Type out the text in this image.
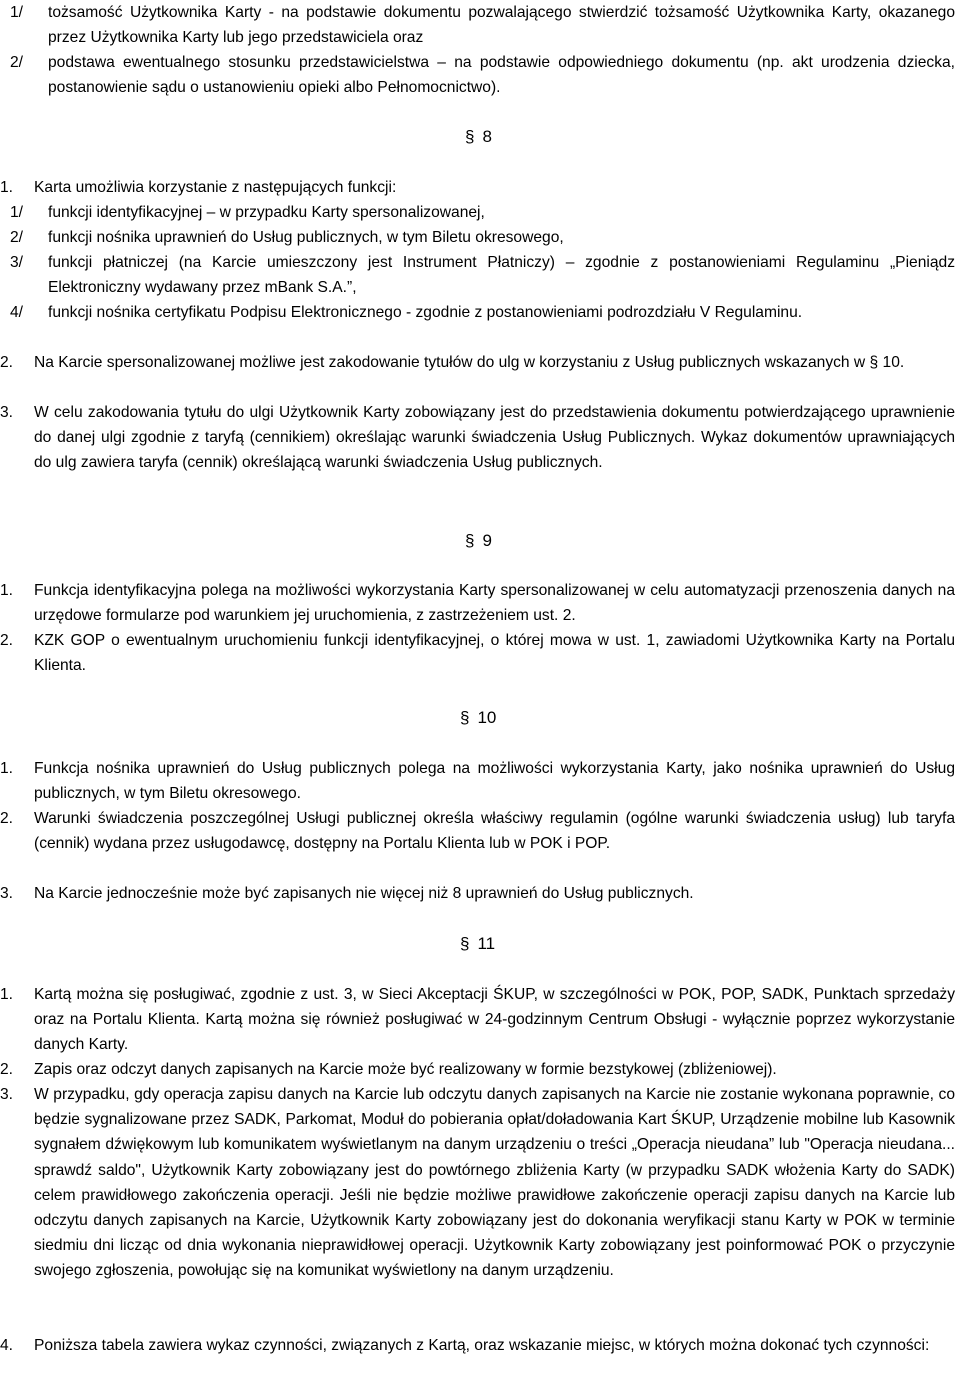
1/	tożsamość Użytkownika Karty - na podstawie dokumentu pozwalającego stwierdzić tożsamość Użytkownika Karty, okazanego przez Użytkownika Karty lub jego przedstawiciela oraz
2/	podstawa ewentualnego stosunku przedstawicielstwa – na podstawie odpowiedniego dokumentu (np. akt urodzenia dziecka, postanowienie sądu o ustanowieniu opieki albo Pełnomocnictwo).
§ 8
1.	Karta umożliwia korzystanie z następujących funkcji:
1/	funkcji identyfikacyjnej – w przypadku Karty spersonalizowanej,
2/	funkcji nośnika uprawnień do Usług publicznych, w tym Biletu okresowego,
3/	funkcji płatniczej (na Karcie umieszczony jest Instrument Płatniczy) – zgodnie z postanowieniami Regulaminu „Pieniądz Elektroniczny wydawany przez mBank S.A.”,
4/	funkcji nośnika certyfikatu Podpisu Elektronicznego - zgodnie z postanowieniami podrozdziału V Regulaminu.
2.	Na Karcie spersonalizowanej możliwe jest zakodowanie tytułów do ulg w korzystaniu z Usług publicznych wskazanych w § 10.
3.	W celu zakodowania tytułu do ulgi Użytkownik Karty zobowiązany jest do przedstawienia dokumentu potwierdzającego uprawnienie do danej ulgi zgodnie z taryfą (cennikiem) określając warunki świadczenia Usług Publicznych. Wykaz dokumentów uprawniających do ulg zawiera taryfa (cennik) określającą warunki świadczenia Usług publicznych.
§ 9
1.	Funkcja identyfikacyjna polega na możliwości wykorzystania Karty spersonalizowanej w celu automatyzacji przenoszenia danych na urzędowe formularze pod warunkiem jej uruchomienia, z zastrzeżeniem ust. 2.
2.	KZK GOP o ewentualnym uruchomieniu funkcji identyfikacyjnej, o której mowa w ust. 1, zawiadomi Użytkownika Karty na Portalu Klienta.
§ 10
1.	Funkcja nośnika uprawnień do Usług publicznych polega na możliwości wykorzystania Karty, jako nośnika uprawnień do Usług publicznych, w tym Biletu okresowego.
2.	Warunki świadczenia poszczególnej Usługi publicznej określa właściwy regulamin (ogólne warunki świadczenia usług) lub taryfa (cennik) wydana przez usługodawcę, dostępny na Portalu Klienta lub w POK i POP.
3.	Na Karcie jednocześnie może być zapisanych nie więcej niż 8 uprawnień do Usług publicznych.
§ 11
1.	Kartą można się posługiwać, zgodnie z ust. 3, w Sieci Akceptacji ŚKUP, w szczególności w POK, POP, SADK, Punktach sprzedaży oraz na Portalu Klienta. Kartą można się również posługiwać w 24-godzinnym Centrum Obsługi - wyłącznie poprzez wykorzystanie danych Karty.
2.	Zapis oraz odczyt danych zapisanych na Karcie może być realizowany w formie bezstykowej (zbliżeniowej).
3.	W przypadku, gdy operacja zapisu danych na Karcie lub odczytu danych zapisanych na Karcie nie zostanie wykonana poprawnie, co będzie sygnalizowane przez SADK, Parkomat, Moduł do pobierania opłat/doładowania Kart ŚKUP, Urządzenie mobilne lub Kasownik sygnałem dźwiękowym lub komunikatem wyświetlanym na danym urządzeniu o treści „Operacja nieudana” lub "Operacja nieudana... sprawdź saldo", Użytkownik Karty zobowiązany jest do powtórnego zbliżenia Karty (w przypadku SADK włożenia Karty do SADK) celem prawidłowego zakończenia operacji. Jeśli nie będzie możliwe prawidłowe zakończenie operacji zapisu danych na Karcie lub odczytu danych zapisanych na Karcie, Użytkownik Karty zobowiązany jest do dokonania weryfikacji stanu Karty w POK w terminie siedmiu dni licząc od dnia wykonania nieprawidłowej operacji. Użytkownik Karty zobowiązany jest poinformować POK o przyczynie swojego zgłoszenia, powołując się na komunikat wyświetlony na danym urządzeniu.
4.	Poniższa tabela zawiera wykaz czynności, związanych z Kartą, oraz wskazanie miejsc, w których można dokonać tych czynności:
